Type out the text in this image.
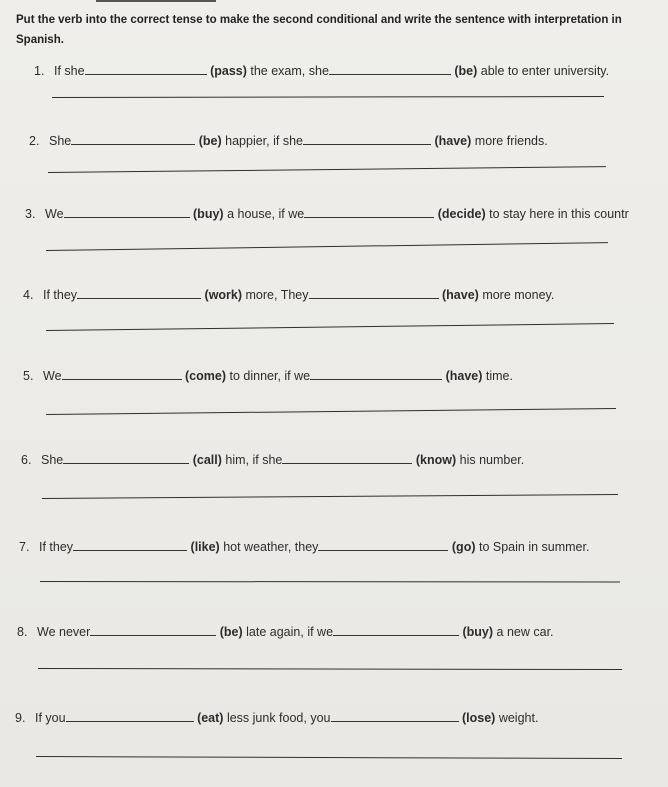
Put the verb into the correct tense to make the second conditional and write the sentence with interpretation in Spanish.
1. If she	(pass) the exam, she	(be) able to enter university.
2. She	(be) happier, if she	(have) more friends.
3. We	(buy) a house, if we	(decide) to stay here in this countr
4. If they	(work) more, They	(have) more money.
5. We	(come) to dinner, if we	(have) time.
6. She	(call) him, if she	(know) his number.
7. If they	(like) hot weather, they	(go) to Spain in summer.
8. We never	(be) late again, if we	(buy) a new car.
9. If you	(eat) less junk food, you	(lose) weight.
